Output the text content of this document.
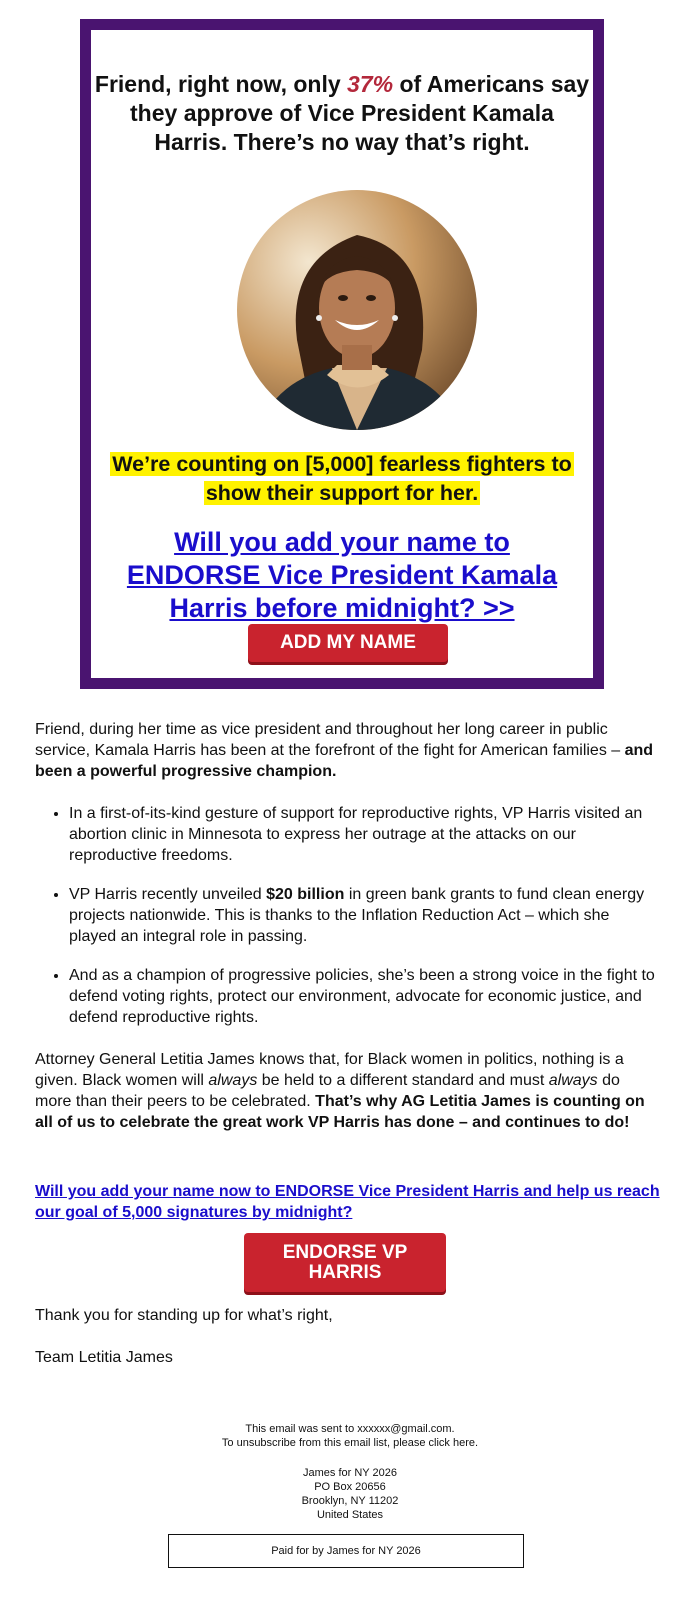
Friend, right now, only 37% of Americans say they approve of Vice President Kamala Harris. There’s no way that’s right.

We’re counting on [5,000] fearless fighters to show their support for her.

Will you add your name to ENDORSE Vice President Kamala Harris before midnight? >>
ADD MY NAME

Friend, during her time as vice president and throughout her long career in public service, Kamala Harris has been at the forefront of the fight for American families – and been a powerful progressive champion.

• In a first-of-its-kind gesture of support for reproductive rights, VP Harris visited an abortion clinic in Minnesota to express her outrage at the attacks on our reproductive freedoms.
• VP Harris recently unveiled $20 billion in green bank grants to fund clean energy projects nationwide. This is thanks to the Inflation Reduction Act – which she played an integral role in passing.
• And as a champion of progressive policies, she’s been a strong voice in the fight to defend voting rights, protect our environment, advocate for economic justice, and defend reproductive rights.

Attorney General Letitia James knows that, for Black women in politics, nothing is a given. Black women will always be held to a different standard and must always do more than their peers to be celebrated. That’s why AG Letitia James is counting on all of us to celebrate the great work VP Harris has done – and continues to do!

Will you add your name now to ENDORSE Vice President Harris and help us reach our goal of 5,000 signatures by midnight?
ENDORSE VP HARRIS

Thank you for standing up for what’s right,

Team Letitia James

This email was sent to xxxxxx@gmail.com.
To unsubscribe from this email list, please click here.

James for NY 2026
PO Box 20656
Brooklyn, NY 11202
United States

Paid for by James for NY 2026
